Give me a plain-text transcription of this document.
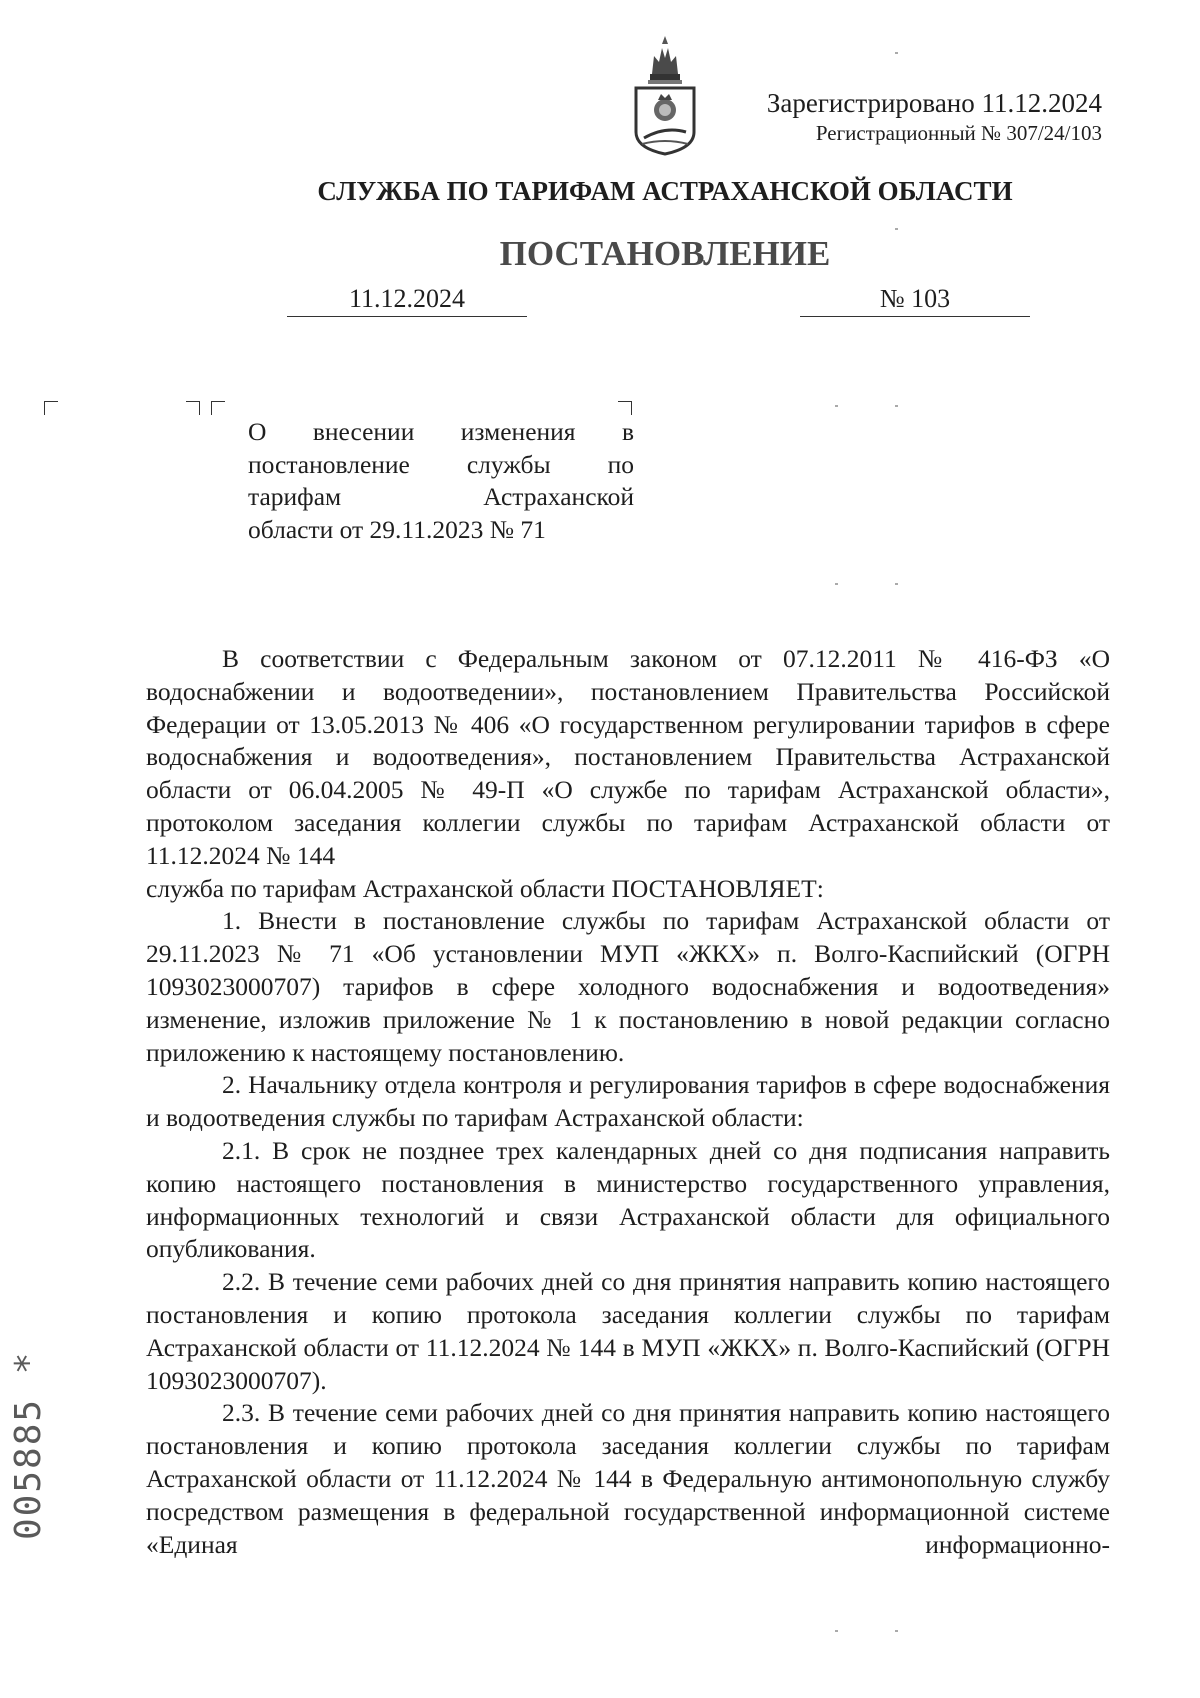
Зарегистрировано 11.12.2024
Регистрационный № 307/24/103
СЛУЖБА ПО ТАРИФАМ АСТРАХАНСКОЙ ОБЛАСТИ
ПОСТАНОВЛЕНИЕ
11.12.2024	№ 103
О внесении изменения в
постановление службы по
тарифам	Астраханской
области от 29.11.2023 № 71

В соответствии с Федеральным законом от 07.12.2011 № 416-ФЗ «О водоснабжении и водоотведении», постановлением Правительства Российской Федерации от 13.05.2013 № 406 «О государственном регулировании тарифов в сфере водоснабжения и водоотведения», постановлением Правительства Астраханской области от 06.04.2005 № 49-П «О службе по тарифам Астраханской области», протоколом заседания коллегии службы по тарифам Астраханской области от 11.12.2024 № 144

служба по тарифам Астраханской области ПОСТАНОВЛЯЕТ:

1. Внести в постановление службы по тарифам Астраханской области от 29.11.2023 № 71 «Об установлении МУП «ЖКХ» п. Волго-Каспийский (ОГРН 1093023000707) тарифов в сфере холодного водоснабжения и водоотведения» изменение, изложив приложение № 1 к постановлению в новой редакции согласно приложению к настоящему постановлению.

2. Начальнику отдела контроля и регулирования тарифов в сфере водоснабжения и водоотведения службы по тарифам Астраханской области:

2.1. В срок не позднее трех календарных дней со дня подписания направить копию настоящего постановления в министерство государственного управления, информационных технологий и связи Астраханской области для официального опубликования.

2.2. В течение семи рабочих дней со дня принятия направить копию настоящего постановления и копию протокола заседания коллегии службы по тарифам Астраханской области от 11.12.2024 № 144 в МУП «ЖКХ» п. Волго-Каспийский (ОГРН 1093023000707).

2.3. В течение семи рабочих дней со дня принятия направить копию настоящего постановления и копию протокола заседания коллегии службы по тарифам Астраханской области от 11.12.2024 № 144 в Федеральную антимонопольную службу посредством размещения в федеральной государственной информационной системе «Единая информационно-

005885 *
